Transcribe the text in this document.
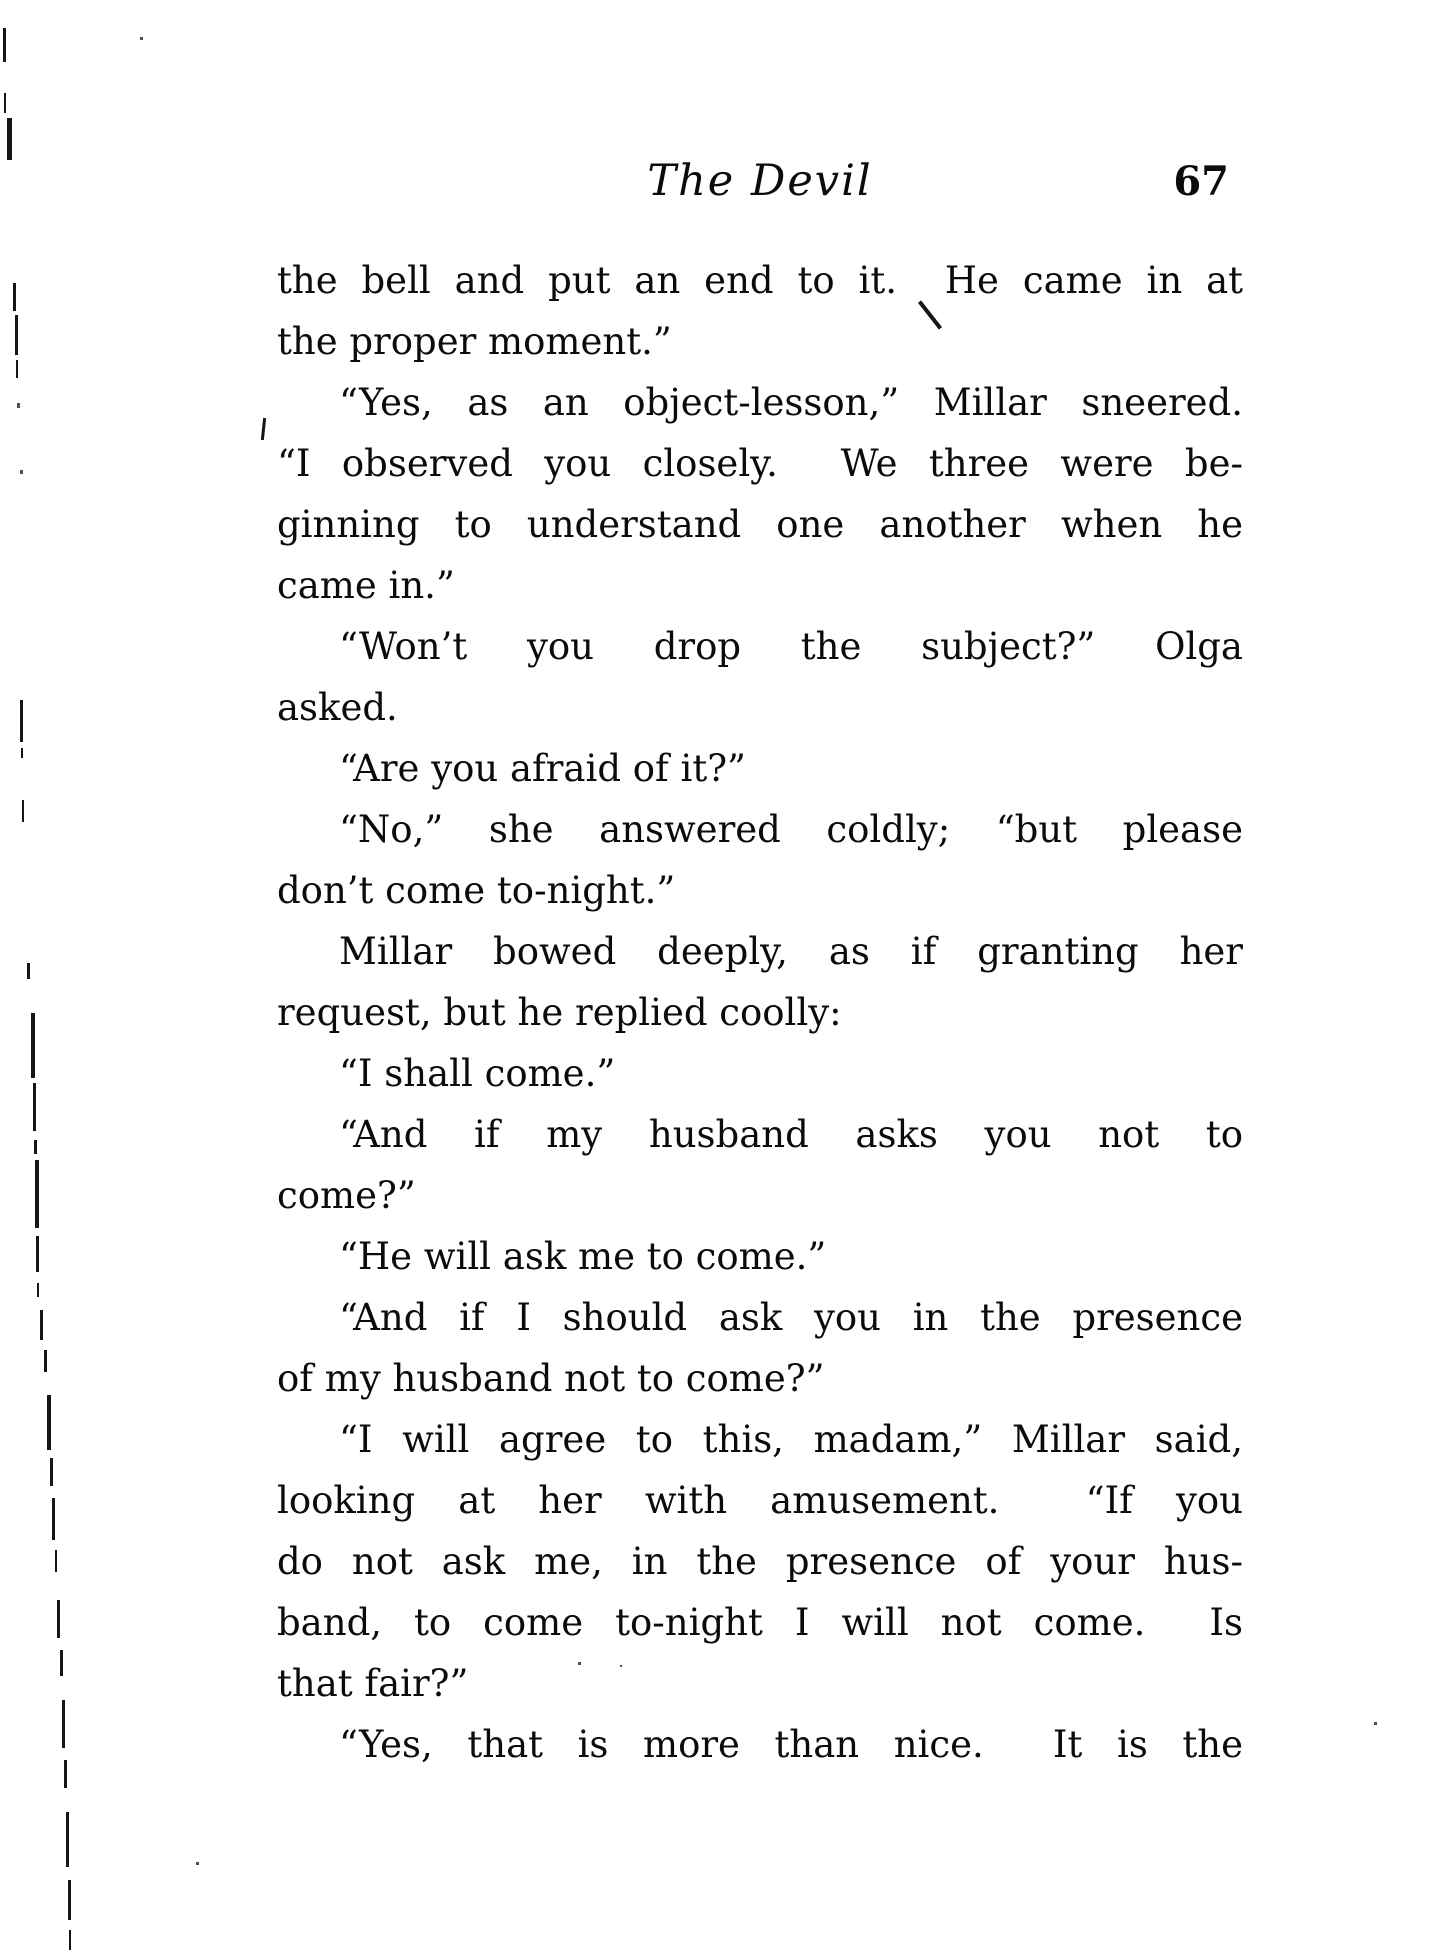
The Devil	67
the bell and put an end to it.  He came in at
the proper moment.”
“Yes, as an object-lesson,” Millar sneered.
“I observed you closely.  We three were be-
ginning to understand one another when he
came in.”
“Won’t you drop the subject?” Olga
asked.
“Are you afraid of it?”
“No,” she answered coldly; “but please
don’t come to-night.”
Millar bowed deeply, as if granting her
request, but he replied coolly:
“I shall come.”
“And if my husband asks you not to
come?”
“He will ask me to come.”
“And if I should ask you in the presence
of my husband not to come?”
“I will agree to this, madam,” Millar said,
looking at her with amusement.  “If you
do not ask me, in the presence of your hus-
band, to come to-night I will not come.  Is
that fair?”
“Yes, that is more than nice.  It is the
